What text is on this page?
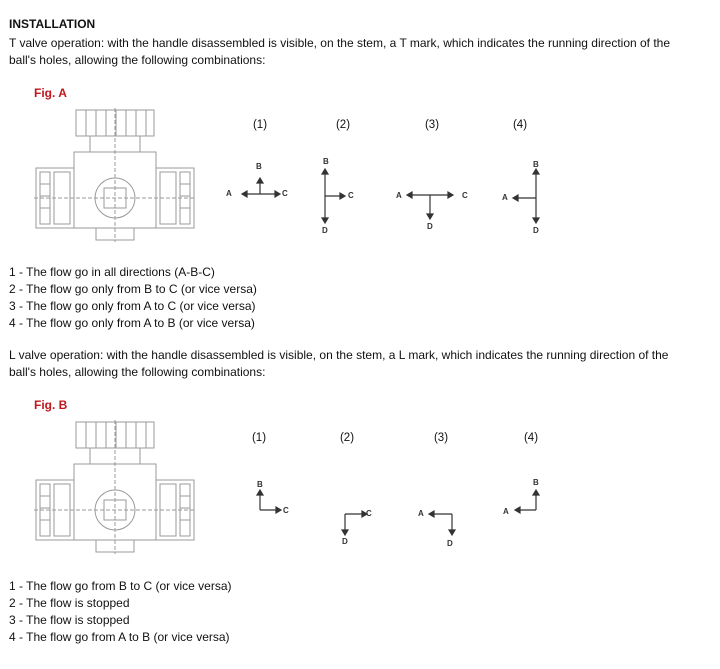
INSTALLATION
T valve operation: with the handle disassembled is visible, on the stem, a T mark, which indicates the running direction of the
ball's holes, allowing the following combinations:
Fig. A
(1)	(2)	(3)	(4)
A
B
C
B
C
D
A	C
D
B
A
D
1 - The flow go in all directions (A-B-C)
2 - The flow go only from B to C (or vice versa)
3 - The flow go only from A to C (or vice versa)
4 - The flow go only from A to B (or vice versa)
L valve operation: with the handle disassembled is visible, on the stem, a L mark, which indicates the running direction of the
ball's holes, allowing the following combinations:
Fig. B
(1)	(2)	(3)	(4)
B
C	C
D
A
D
B
A
1 - The flow go from B to C (or vice versa)
2 - The flow is stopped
3 - The flow is stopped
4 - The flow go from A to B (or vice versa)
